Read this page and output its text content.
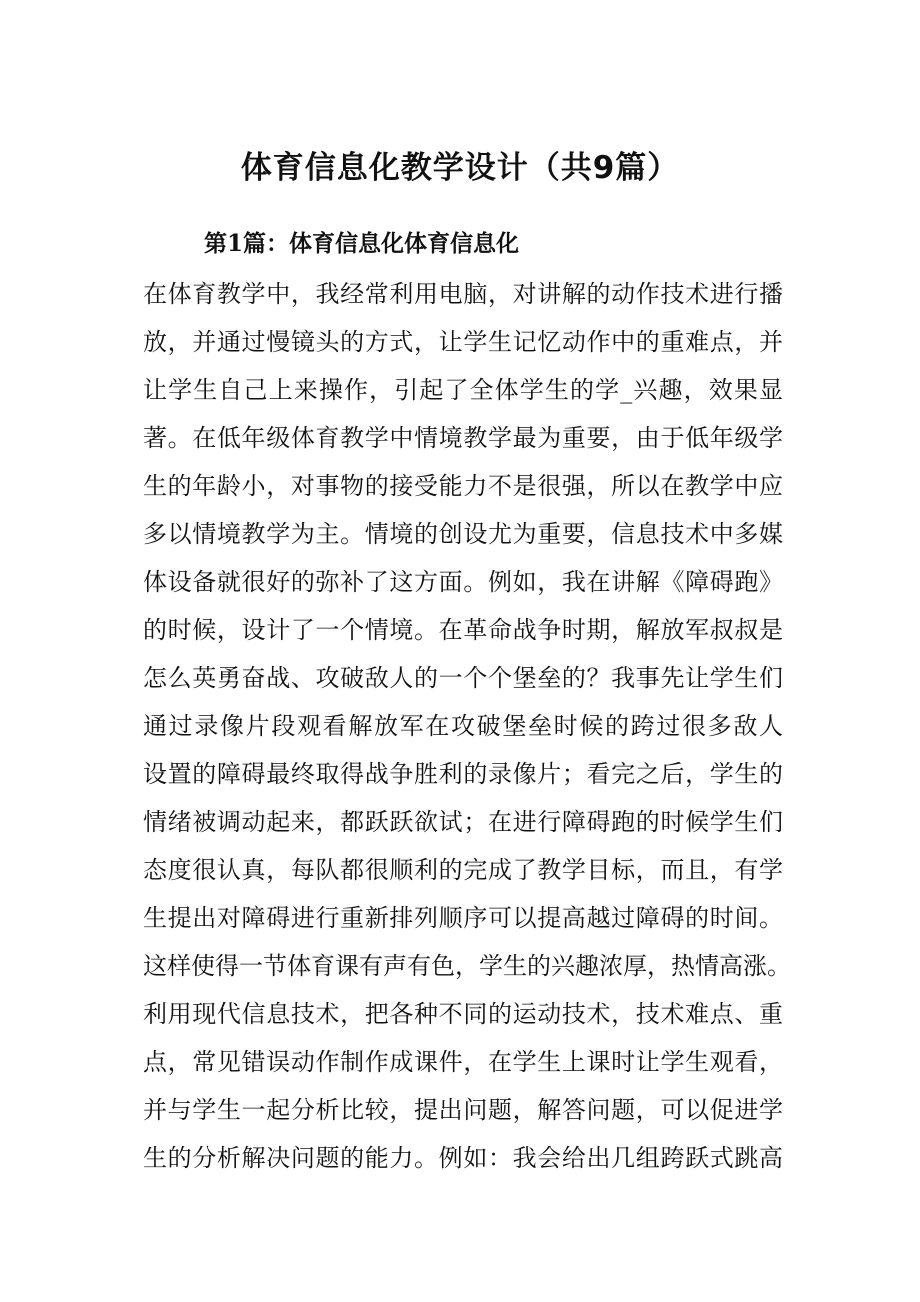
体育信息化教学设计（共9篇）
第1篇：体育信息化体育信息化
在体育教学中，我经常利用电脑，对讲解的动作技术进行播
放，并通过慢镜头的方式，让学生记忆动作中的重难点，并
让学生自己上来操作，引起了全体学生的学_兴趣，效果显
著。在低年级体育教学中情境教学最为重要，由于低年级学
生的年龄小，对事物的接受能力不是很强，所以在教学中应
多以情境教学为主。情境的创设尤为重要，信息技术中多媒
体设备就很好的弥补了这方面。例如，我在讲解《障碍跑》
的时候，设计了一个情境。在革命战争时期，解放军叔叔是
怎么英勇奋战、攻破敌人的一个个堡垒的？我事先让学生们
通过录像片段观看解放军在攻破堡垒时候的跨过很多敌人
设置的障碍最终取得战争胜利的录像片；看完之后，学生的
情绪被调动起来，都跃跃欲试；在进行障碍跑的时候学生们
态度很认真，每队都很顺利的完成了教学目标，而且，有学
生提出对障碍进行重新排列顺序可以提高越过障碍的时间。
这样使得一节体育课有声有色，学生的兴趣浓厚，热情高涨。
利用现代信息技术，把各种不同的运动技术，技术难点、重
点，常见错误动作制作成课件，在学生上课时让学生观看，
并与学生一起分析比较，提出问题，解答问题，可以促进学
生的分析解决问题的能力。例如：我会给出几组跨跃式跳高
